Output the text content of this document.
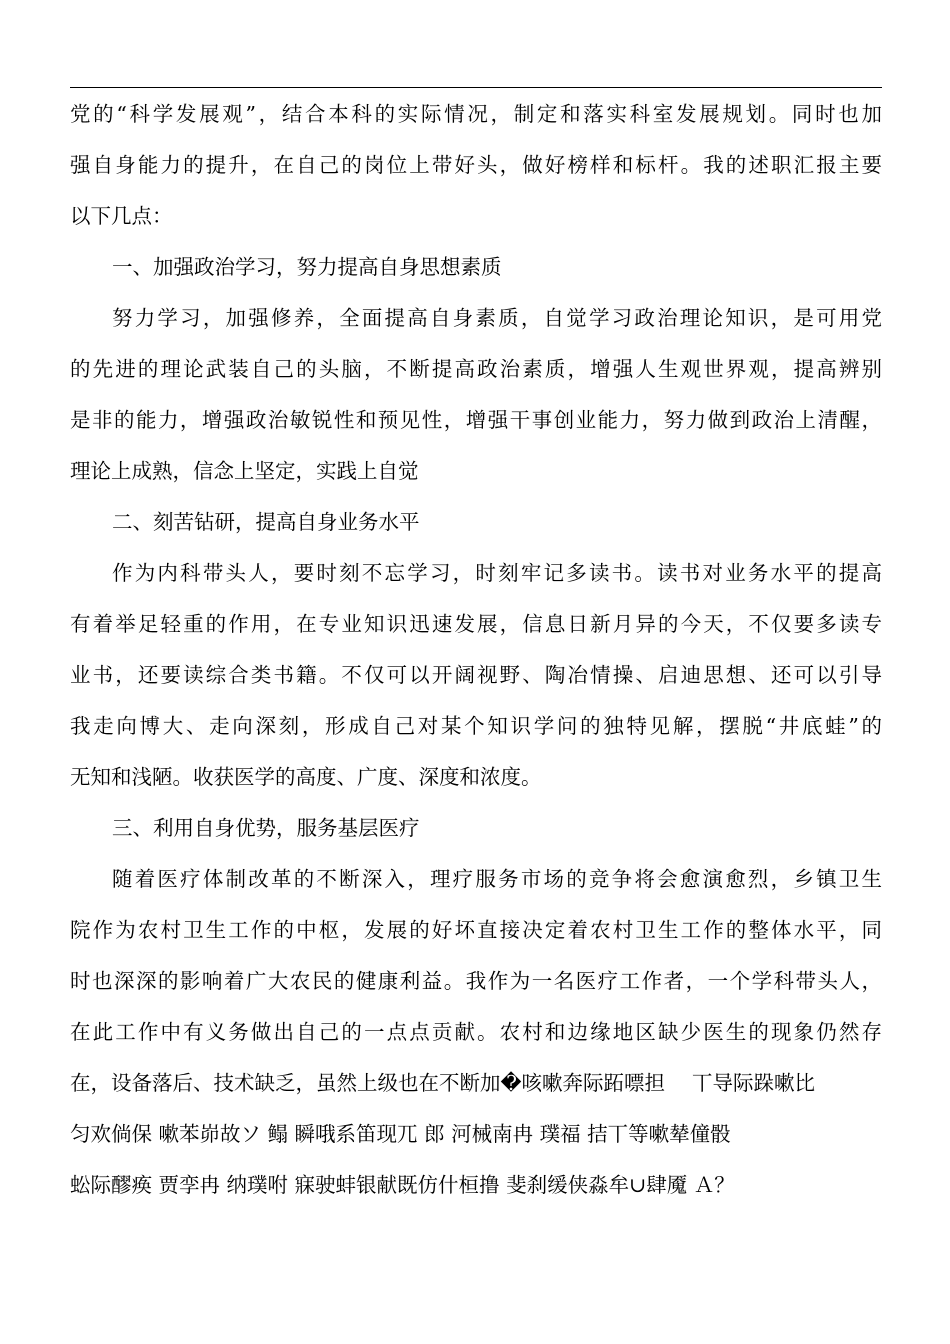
党的“科学发展观”，结合本科的实际情况，制定和落实科室发展规划。同时也加
强自身能力的提升，在自己的岗位上带好头，做好榜样和标杆。我的述职汇报主要
以下几点：
一、加强政治学习，努力提高自身思想素质
努力学习，加强修养，全面提高自身素质，自觉学习政治理论知识，是可用党
的先进的理论武装自己的头脑，不断提高政治素质，增强人生观世界观，提高辨别
是非的能力，增强政治敏锐性和预见性，增强干事创业能力，努力做到政治上清醒，
理论上成熟，信念上坚定，实践上自觉
二、刻苦钻研，提高自身业务水平
作为内科带头人，要时刻不忘学习，时刻牢记多读书。读书对业务水平的提高
有着举足轻重的作用，在专业知识迅速发展，信息日新月异的今天，不仅要多读专
业书，还要读综合类书籍。不仅可以开阔视野、陶冶情操、启迪思想、还可以引导
我走向博大、走向深刻，形成自己对某个知识学问的独特见解，摆脱“井底蛙”的
无知和浅陋。收获医学的高度、广度、深度和浓度。
三、利用自身优势，服务基层医疗
随着医疗体制改革的不断深入，理疗服务市场的竞争将会愈演愈烈，乡镇卫生
院作为农村卫生工作的中枢，发展的好坏直接决定着农村卫生工作的整体水平，同
时也深深的影响着广大农民的健康利益。我作为一名医疗工作者，一个学科带头人，
在此工作中有义务做出自己的一点点贡献。农村和边缘地区缺少医生的现象仍然存
在，设备落后、技术缺乏，虽然上级也在不断加�咳嗽奔际跖嘌担　 丅导际跺嗽比
匀欢倘保 嗽苯峁故ソ 鳎 瞬哦系笛现兀 郎 河械南冉 璞福 拮丅等嗽辇僮骰
蚣际醪痪 贾孪冉 纳璞咐 寐驶蚌银献既仿什桓撸 斐刹缓侠淼牟∪肆魇 Ａ？
